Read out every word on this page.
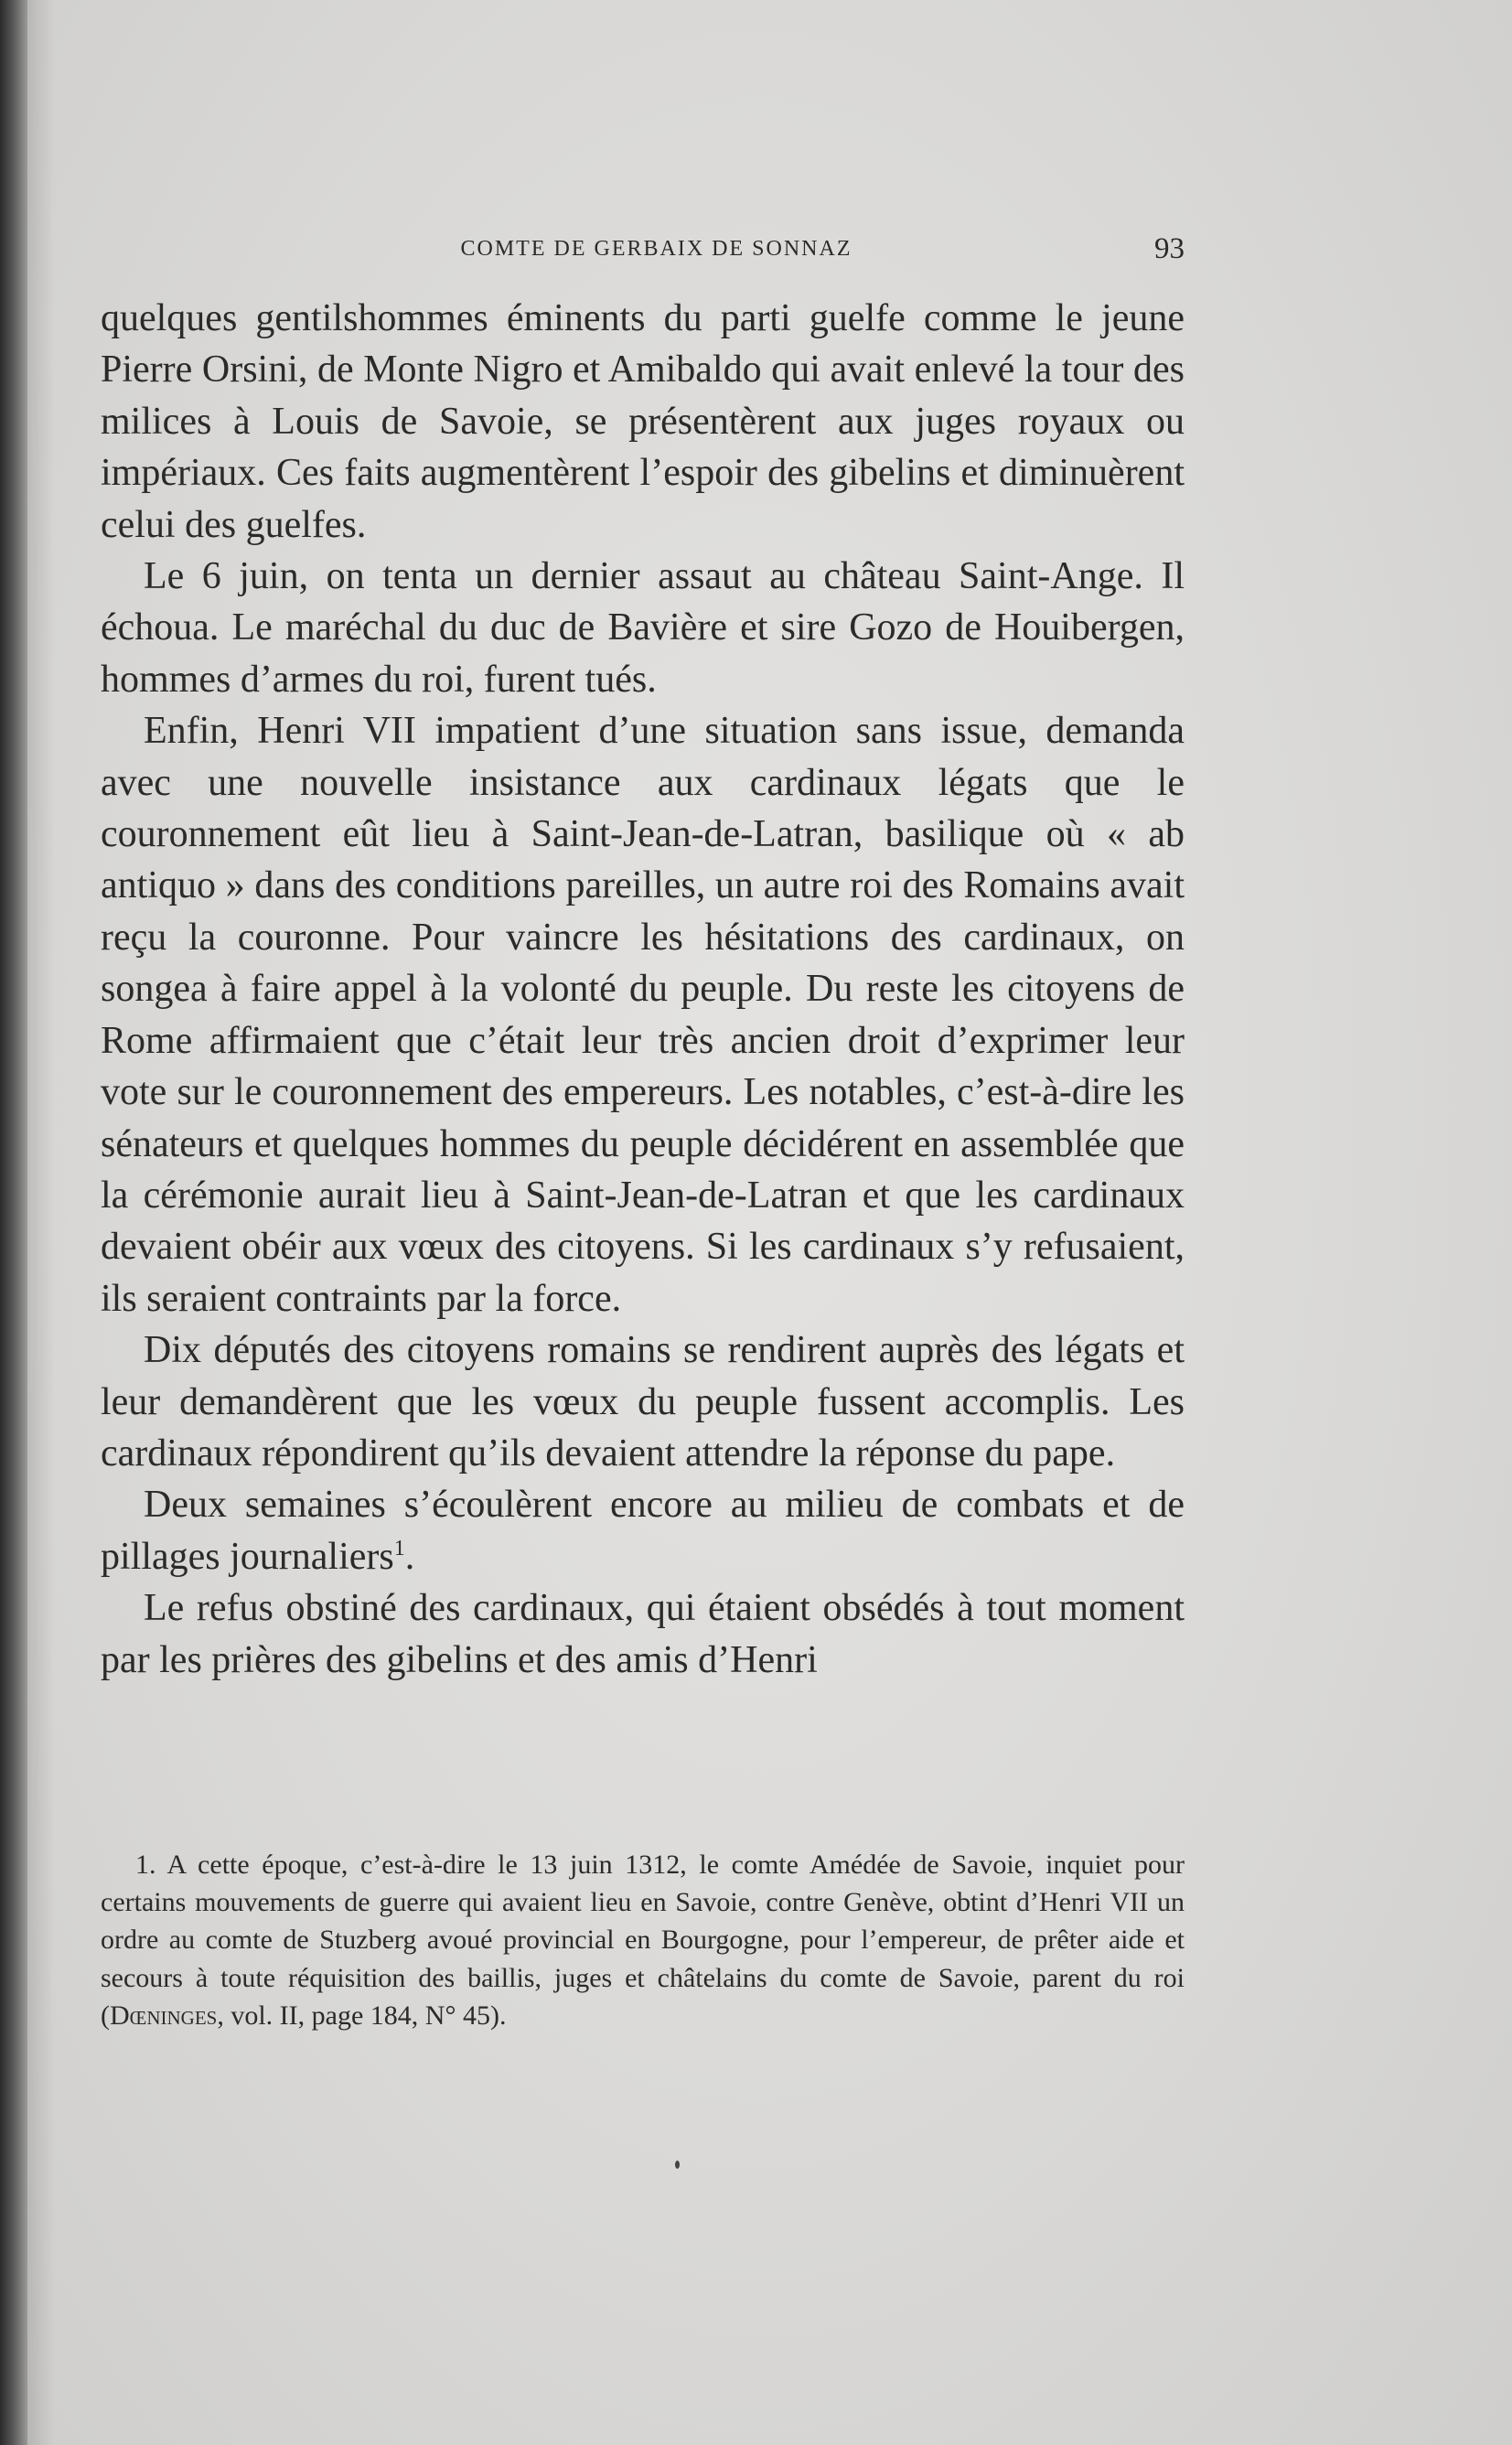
COMTE DE GERBAIX DE SONNAZ	93

quelques gentilshommes éminents du parti guelfe comme le jeune Pierre Orsini, de Monte Nigro et Amibaldo qui avait enlevé la tour des milices à Louis de Savoie, se présentèrent aux juges royaux ou impériaux. Ces faits augmentèrent l’espoir des gibelins et diminuèrent celui des guelfes.

Le 6 juin, on tenta un dernier assaut au château Saint-Ange. Il échoua. Le maréchal du duc de Bavière et sire Gozo de Houibergen, hommes d’armes du roi, furent tués.

Enfin, Henri VII impatient d’une situation sans issue, demanda avec une nouvelle insistance aux cardinaux légats que le couronnement eût lieu à Saint-Jean-de-Latran, basilique où « ab antiquo » dans des conditions pareilles, un autre roi des Romains avait reçu la couronne. Pour vaincre les hésitations des cardinaux, on songea à faire appel à la volonté du peuple. Du reste les citoyens de Rome affirmaient que c’était leur très ancien droit d’exprimer leur vote sur le couronnement des empereurs. Les notables, c’est-à-dire les sénateurs et quelques hommes du peuple décidérent en assemblée que la cérémonie aurait lieu à Saint-Jean-de-Latran et que les cardinaux devaient obéir aux vœux des citoyens. Si les cardinaux s’y refusaient, ils seraient contraints par la force.

Dix députés des citoyens romains se rendirent auprès des légats et leur demandèrent que les vœux du peuple fussent accomplis. Les cardinaux répondirent qu’ils devaient attendre la réponse du pape.

Deux semaines s’écoulèrent encore au milieu de combats et de pillages journaliers$^1$.

Le refus obstiné des cardinaux, qui étaient obsédés à tout moment par les prières des gibelins et des amis d’Henri

1. A cette époque, c’est-à-dire le 13 juin 1312, le comte Amédée de Savoie, inquiet pour certains mouvements de guerre qui avaient lieu en Savoie, contre Genève, obtint d’Henri VII un ordre au comte de Stuzberg avoué provincial en Bourgogne, pour l’empereur, de prêter aide et secours à toute réquisition des baillis, juges et châtelains du comte de Savoie, parent du roi (Dœninges, vol. II, page 184, N° 45).
